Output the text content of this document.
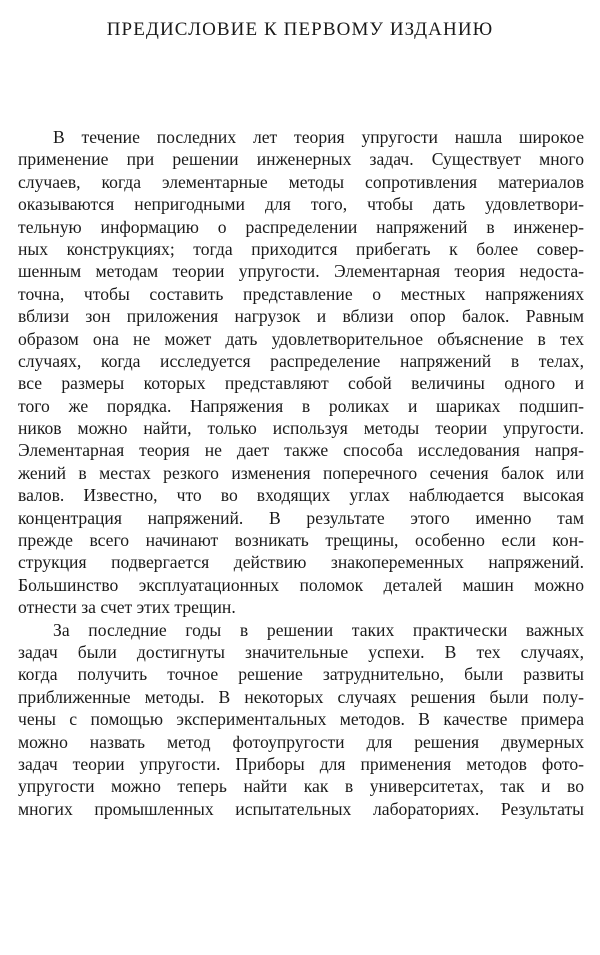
ПРЕДИСЛОВИЕ К ПЕРВОМУ ИЗДАНИЮ
В течение последних лет теория упругости нашла широкое
применение при решении инженерных задач. Существует много
случаев, когда элементарные методы сопротивления материалов
оказываются непригодными для того, чтобы дать удовлетвори-
тельную информацию о распределении напряжений в инженер-
ных конструкциях; тогда приходится прибегать к более совер-
шенным методам теории упругости. Элементарная теория недоста-
точна, чтобы составить представление о местных напряжениях
вблизи зон приложения нагрузок и вблизи опор балок. Равным
образом она не может дать удовлетворительное объяснение в тех
случаях, когда исследуется распределение напряжений в телах,
все размеры которых представляют собой величины одного и
того же порядка. Напряжения в роликах и шариках подшип-
ников можно найти, только используя методы теории упругости.
Элементарная теория не дает также способа исследования напря-
жений в местах резкого изменения поперечного сечения балок или
валов. Известно, что во входящих углах наблюдается высокая
концентрация напряжений. В результате этого именно там
прежде всего начинают возникать трещины, особенно если кон-
струкция подвергается действию знакопеременных напряжений.
Большинство эксплуатационных поломок деталей машин можно
отнести за счет этих трещин.
За последние годы в решении таких практически важных
задач были достигнуты значительные успехи. В тех случаях,
когда получить точное решение затруднительно, были развиты
приближенные методы. В некоторых случаях решения были полу-
чены с помощью экспериментальных методов. В качестве примера
можно назвать метод фотоупругости для решения двумерных
задач теории упругости. Приборы для применения методов фото-
упругости можно теперь найти как в университетах, так и во
многих промышленных испытательных лабораториях. Результаты
